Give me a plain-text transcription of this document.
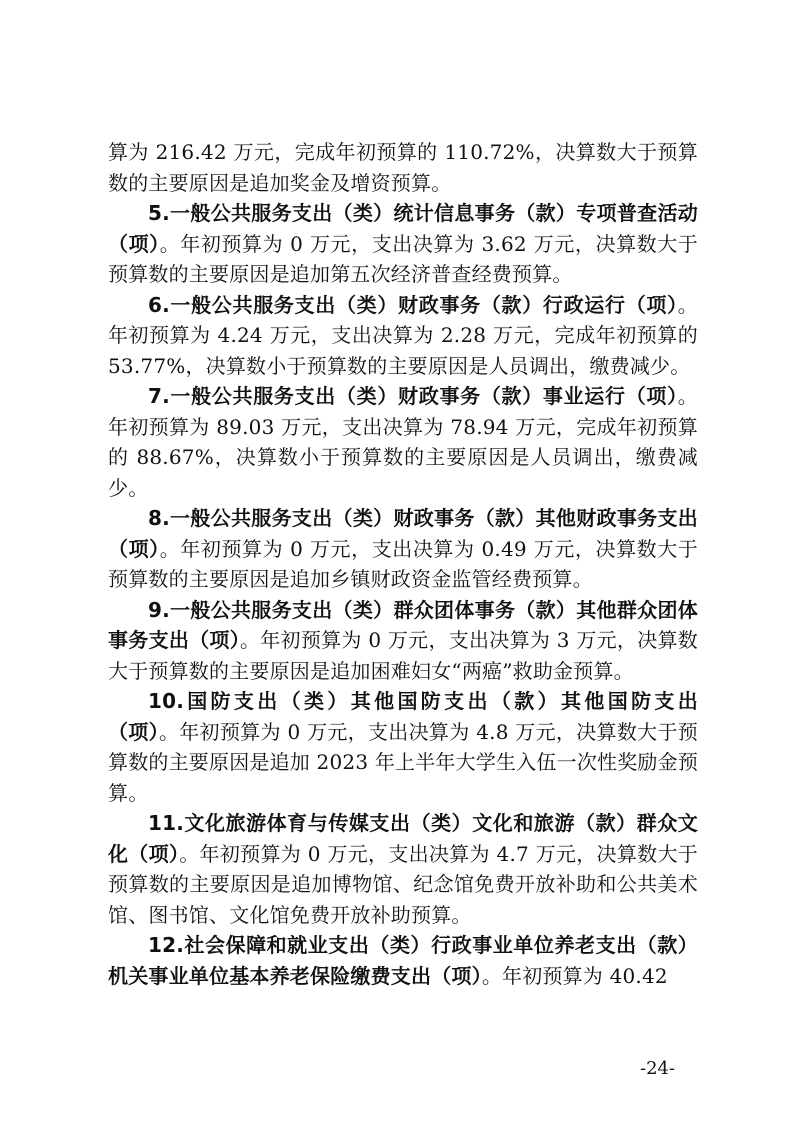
算为 216.42 万元，完成年初预算的 110.72%，决算数大于预算数的主要原因是追加奖金及增资预算。

5.一般公共服务支出（类）统计信息事务（款）专项普查活动（项）。年初预算为 0 万元，支出决算为 3.62 万元，决算数大于预算数的主要原因是追加第五次经济普查经费预算。

6.一般公共服务支出（类）财政事务（款）行政运行（项）。年初预算为 4.24 万元，支出决算为 2.28 万元，完成年初预算的 53.77%，决算数小于预算数的主要原因是人员调出，缴费减少。

7.一般公共服务支出（类）财政事务（款）事业运行（项）。年初预算为 89.03 万元，支出决算为 78.94 万元，完成年初预算的 88.67%，决算数小于预算数的主要原因是人员调出，缴费减少。

8.一般公共服务支出（类）财政事务（款）其他财政事务支出（项）。年初预算为 0 万元，支出决算为 0.49 万元，决算数大于预算数的主要原因是追加乡镇财政资金监管经费预算。

9.一般公共服务支出（类）群众团体事务（款）其他群众团体事务支出（项）。年初预算为 0 万元，支出决算为 3 万元，决算数大于预算数的主要原因是追加困难妇女“两癌”救助金预算。

10.国防支出（类）其他国防支出（款）其他国防支出（项）。年初预算为 0 万元，支出决算为 4.8 万元，决算数大于预算数的主要原因是追加 2023 年上半年大学生入伍一次性奖励金预算。

11.文化旅游体育与传媒支出（类）文化和旅游（款）群众文化（项）。年初预算为 0 万元，支出决算为 4.7 万元，决算数大于预算数的主要原因是追加博物馆、纪念馆免费开放补助和公共美术馆、图书馆、文化馆免费开放补助预算。

12.社会保障和就业支出（类）行政事业单位养老支出（款）机关事业单位基本养老保险缴费支出（项）。年初预算为 40.42

-24-
